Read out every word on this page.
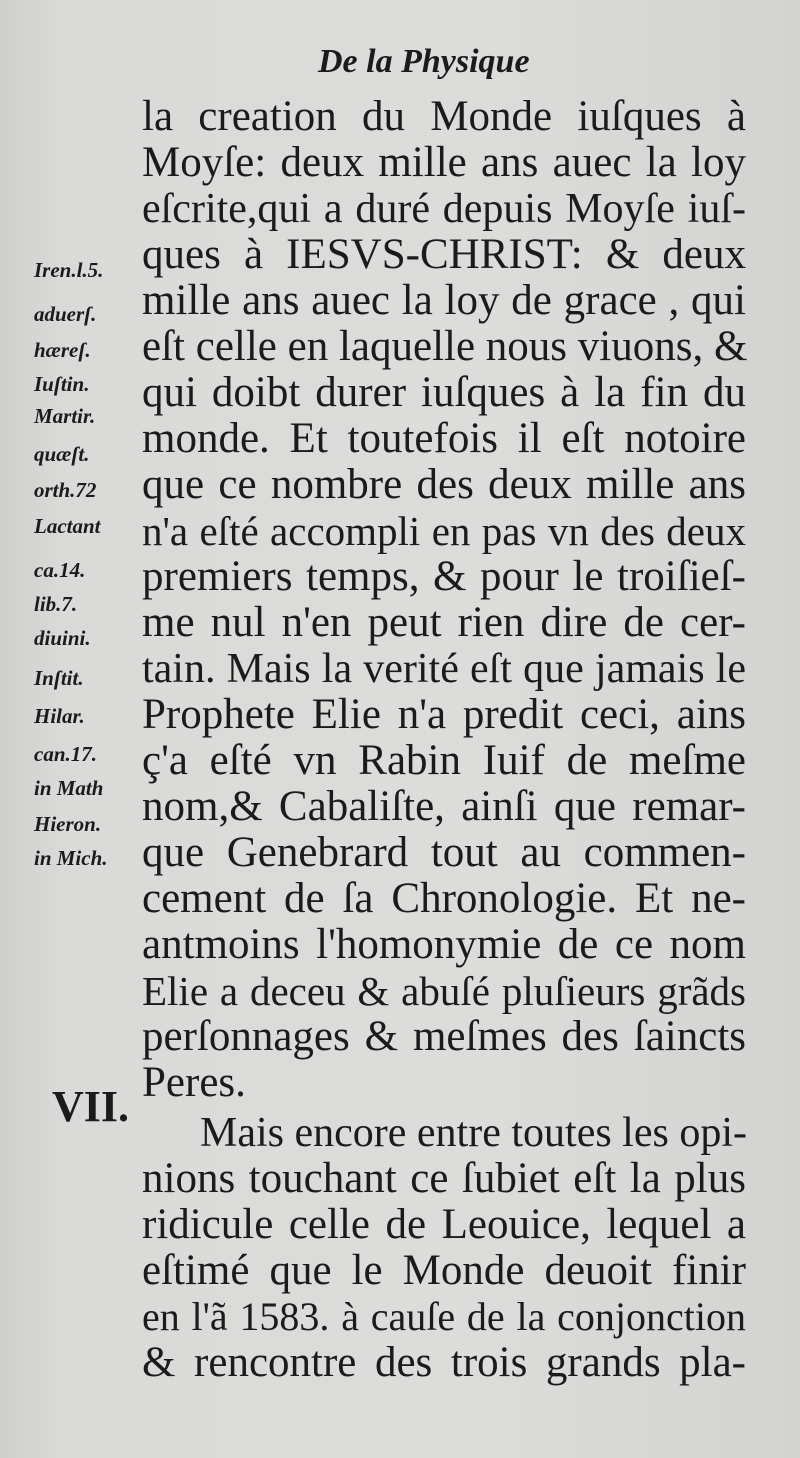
De la Physique
la creation du Monde iuſques à
Moyſe: deux mille ans auec la loy
eſcrite,qui a duré depuis Moyſe iuſ-
ques à IESVS-CHRIST: & deux
mille ans auec la loy de grace , qui
eſt celle en laquelle nous viuons, &
qui doibt durer iuſques à la fin du
monde. Et toutefois il eſt notoire
que ce nombre des deux mille ans
n'a eſté accompli en pas vn des deux
premiers temps, & pour le troiſieſ-
me nul n'en peut rien dire de cer-
tain. Mais la verité eſt que jamais le
Prophete Elie n'a predit ceci, ains
ç'a eſté vn Rabin Iuif de meſme
nom,& Cabaliſte, ainſi que remar-
que Genebrard tout au commen-
cement de ſa Chronologie. Et ne-
antmoins l'homonymie de ce nom
Elie a deceu & abuſé pluſieurs grãds
perſonnages & meſmes des ſaincts
Peres.
VII.
Mais encore entre toutes les opi-
nions touchant ce ſubiet eſt la plus
ridicule celle de Leouice, lequel a
eſtimé que le Monde deuoit finir
en l'ã 1583. à cauſe de la conjonction
& rencontre des trois grands pla-
Iren.l.5.
aduerſ.
hæreſ.
Iuſtin.
Martir.
quæſt.
orth.72
Lactant
ca.14.
lib.7.
diuini.
Inſtit.
Hilar.
can.17.
in Math
Hieron.
in Mich.
